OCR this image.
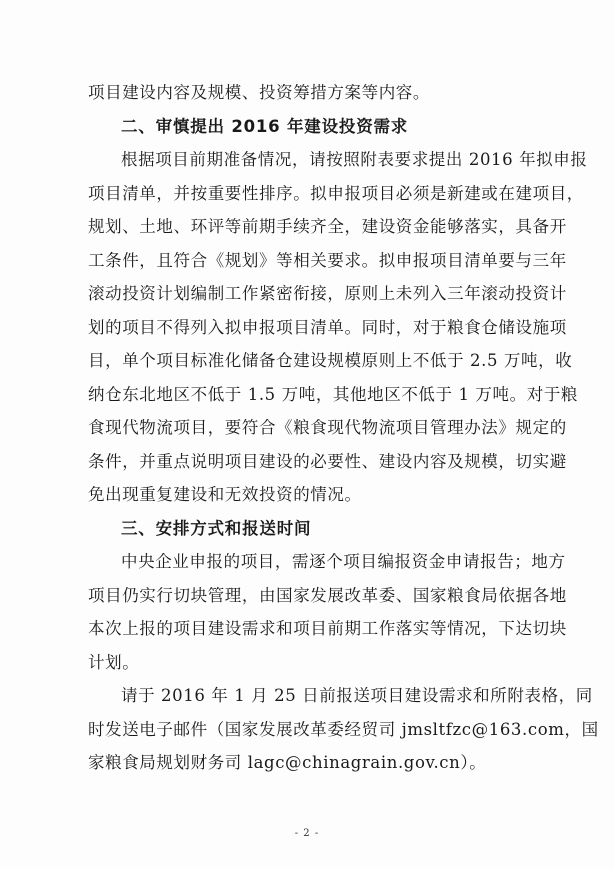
项目建设内容及规模、投资筹措方案等内容。
二、审慎提出 2016 年建设投资需求
根据项目前期准备情况，请按照附表要求提出 2016 年拟申报
项目清单，并按重要性排序。拟申报项目必须是新建或在建项目，
规划、土地、环评等前期手续齐全，建设资金能够落实，具备开
工条件，且符合《规划》等相关要求。拟申报项目清单要与三年
滚动投资计划编制工作紧密衔接，原则上未列入三年滚动投资计
划的项目不得列入拟申报项目清单。同时，对于粮食仓储设施项
目，单个项目标准化储备仓建设规模原则上不低于 2.5 万吨，收
纳仓东北地区不低于 1.5 万吨，其他地区不低于 1 万吨。对于粮
食现代物流项目，要符合《粮食现代物流项目管理办法》规定的
条件，并重点说明项目建设的必要性、建设内容及规模，切实避
免出现重复建设和无效投资的情况。
三、安排方式和报送时间
中央企业申报的项目，需逐个项目编报资金申请报告；地方
项目仍实行切块管理，由国家发展改革委、国家粮食局依据各地
本次上报的项目建设需求和项目前期工作落实等情况，下达切块
计划。
请于 2016 年 1 月 25 日前报送项目建设需求和所附表格，同
时发送电子邮件（国家发展改革委经贸司 jmsltfzc@163.com，国
家粮食局规划财务司 lagc@chinagrain.gov.cn）。
- 2 -
